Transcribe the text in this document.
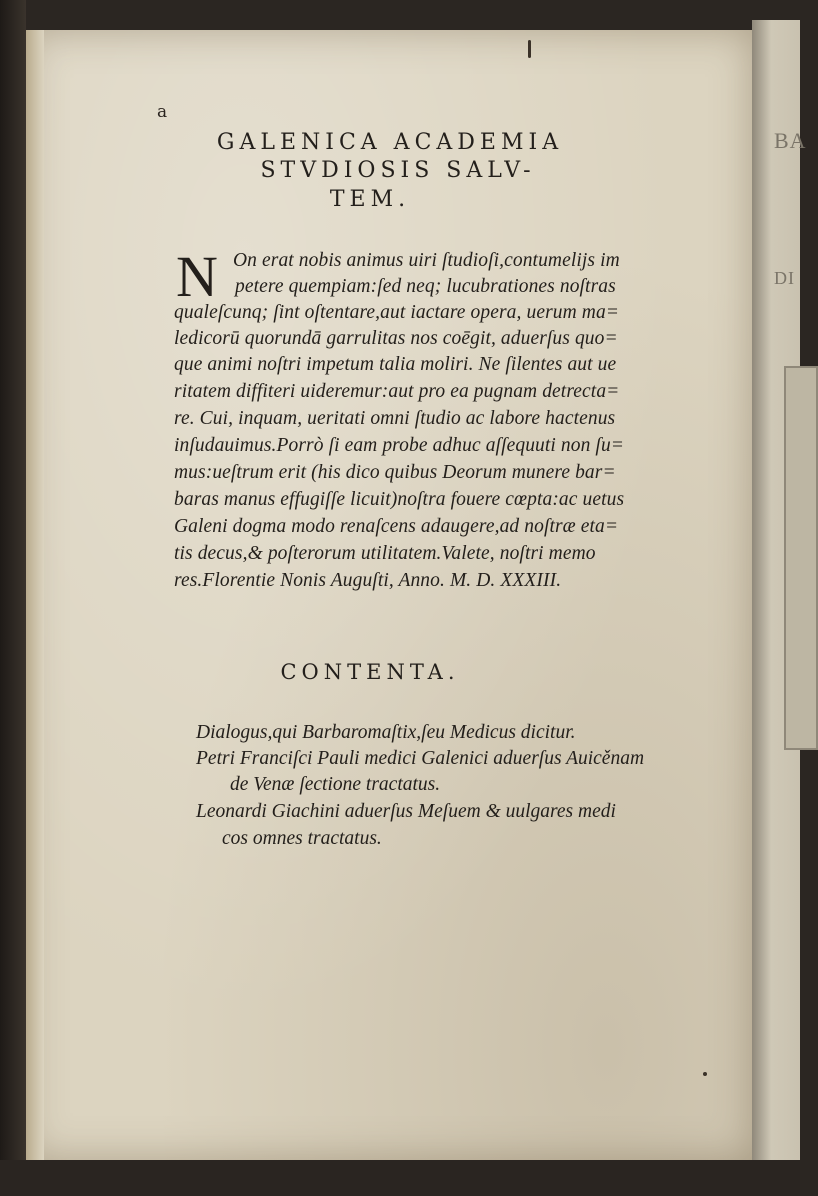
BA
DI
a
GALENICA ACADEMIA
STVDIOSIS SALV-
TEM.
N On erat nobis animus uiri ſtudioſi,contumelijs im
petere quempiam:ſed neq; lucubrationes noſtras
qualeſcunq; ſint oſtentare,aut iactare opera, uerum ma=
ledicorū quorundā garrulitas nos coēgit, aduerſus quo=
que animi noſtri impetum talia moliri. Ne ſilentes aut ue
ritatem diffiteri uideremur:aut pro ea pugnam detrecta=
re. Cui, inquam, ueritati omni ſtudio ac labore hactenus
inſudauimus.Porrò ſi eam probe adhuc aſſequuti non ſu=
mus:ueſtrum erit (his dico quibus Deorum munere bar=
baras manus effugiſſe licuit)noſtra fouere cœpta:ac uetus
Galeni dogma modo renaſcens adaugere,ad noſtræ eta=
tis decus,& poſterorum utilitatem.Valete, noſtri memo
res.Florentie Nonis Auguſti, Anno. M. D. XXXIII.
CONTENTA.
Dialogus,qui Barbaromaſtix,ſeu Medicus dicitur.
Petri Franciſci Pauli medici Galenici aduerſus Auicěnam
de Venæ ſectione tractatus.
Leonardi Giachini aduerſus Meſuem & uulgares medi
cos omnes tractatus.
